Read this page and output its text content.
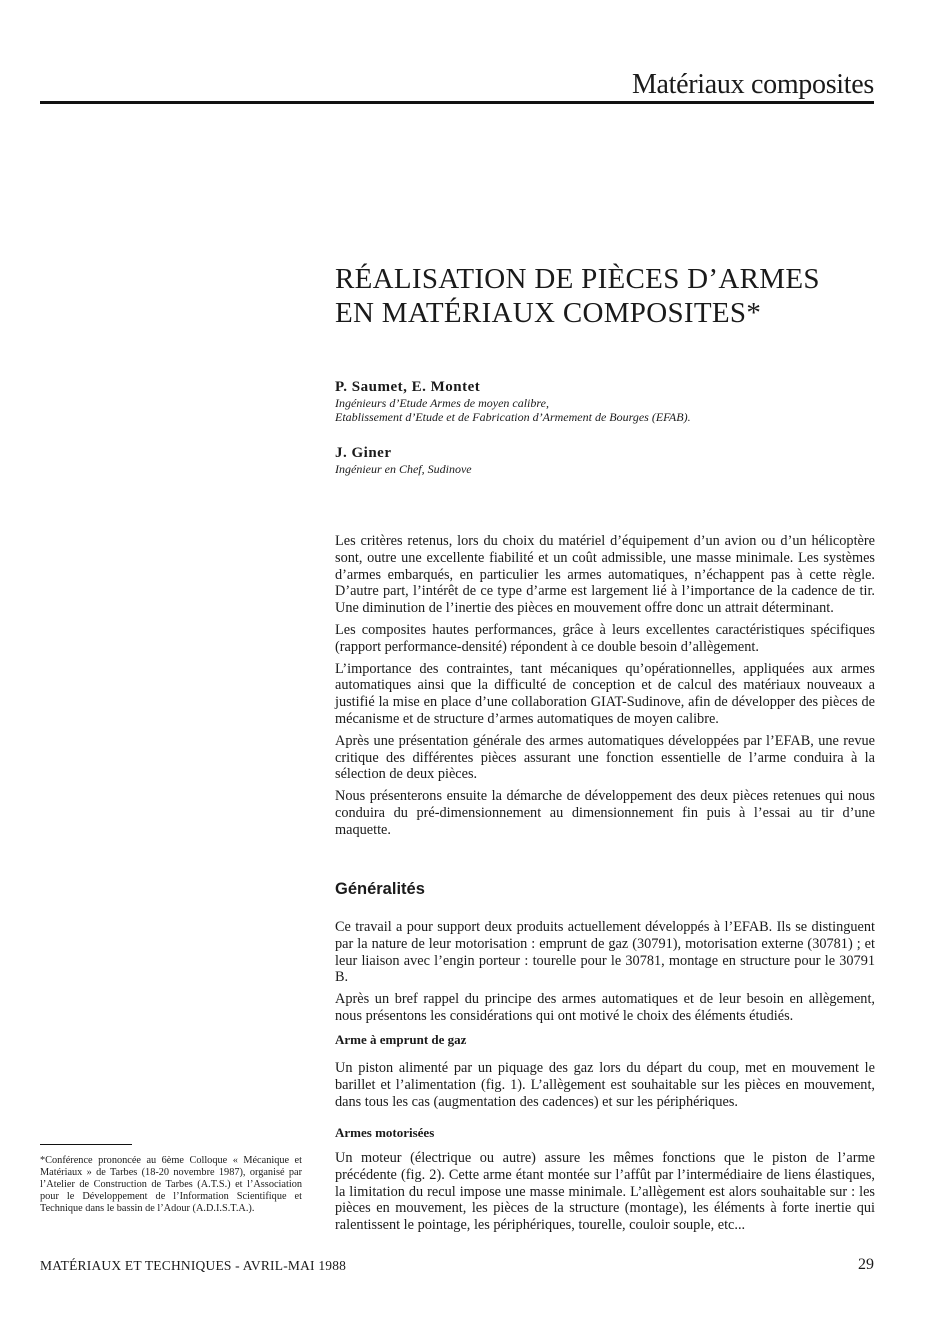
Matériaux composites
RÉALISATION DE PIÈCES D’ARMES
EN MATÉRIAUX COMPOSITES*
P. Saumet, E. Montet
Ingénieurs d’Etude Armes de moyen calibre,
Etablissement d’Etude et de Fabrication d’Armement de Bourges (EFAB).
J. Giner
Ingénieur en Chef, Sudinove

Les critères retenus, lors du choix du matériel d’équipement d’un avion ou d’un hélicoptère sont, outre une excellente fiabilité et un coût admissible, une masse minimale. Les systèmes d’armes embarqués, en particulier les armes automatiques, n’échappent pas à cette règle. D’autre part, l’intérêt de ce type d’arme est largement lié à l’importance de la cadence de tir. Une diminution de l’inertie des pièces en mouvement offre donc un attrait déterminant.

Les composites hautes performances, grâce à leurs excellentes caractéristiques spécifiques (rapport performance-densité) répondent à ce double besoin d’allègement.

L’importance des contraintes, tant mécaniques qu’opérationnelles, appliquées aux armes automatiques ainsi que la difficulté de conception et de calcul des matériaux nouveaux a justifié la mise en place d’une collaboration GIAT-Sudinove, afin de développer des pièces de mécanisme et de structure d’armes automatiques de moyen calibre.

Après une présentation générale des armes automatiques développées par l’EFAB, une revue critique des différentes pièces assurant une fonction essentielle de l’arme conduira à la sélection de deux pièces.

Nous présenterons ensuite la démarche de développement des deux pièces retenues qui nous conduira du pré-dimensionnement au dimensionnement fin puis à l’essai au tir d’une maquette.

Généralités

Ce travail a pour support deux produits actuellement développés à l’EFAB. Ils se distinguent par la nature de leur motorisation : emprunt de gaz (30791), motorisation externe (30781) ; et leur liaison avec l’engin porteur : tourelle pour le 30781, montage en structure pour le 30791 B.

Après un bref rappel du principe des armes automatiques et de leur besoin en allègement, nous présentons les considérations qui ont motivé le choix des éléments étudiés.

Arme à emprunt de gaz

Un piston alimenté par un piquage des gaz lors du départ du coup, met en mouvement le barillet et l’alimentation (fig. 1). L’allègement est souhaitable sur les pièces en mouvement, dans tous les cas (augmentation des cadences) et sur les périphériques.

Armes motorisées

Un moteur (électrique ou autre) assure les mêmes fonctions que le piston de l’arme précédente (fig. 2). Cette arme étant montée sur l’affût par l’intermédiaire de liens élastiques, la limitation du recul impose une masse minimale. L’allègement est alors souhaitable sur : les pièces en mouvement, les pièces de la structure (montage), les éléments à forte inertie qui ralentissent le pointage, les périphériques, tourelle, couloir souple, etc...

*Conférence prononcée au 6ème Colloque « Mécanique et Matériaux » de Tarbes (18-20 novembre 1987), organisé par l’Atelier de Construction de Tarbes (A.T.S.) et l’Association pour le Développement de l’Information Scientifique et Technique dans le bassin de l’Adour (A.D.I.S.T.A.).
MATÉRIAUX ET TECHNIQUES - AVRIL-MAI 1988	29
